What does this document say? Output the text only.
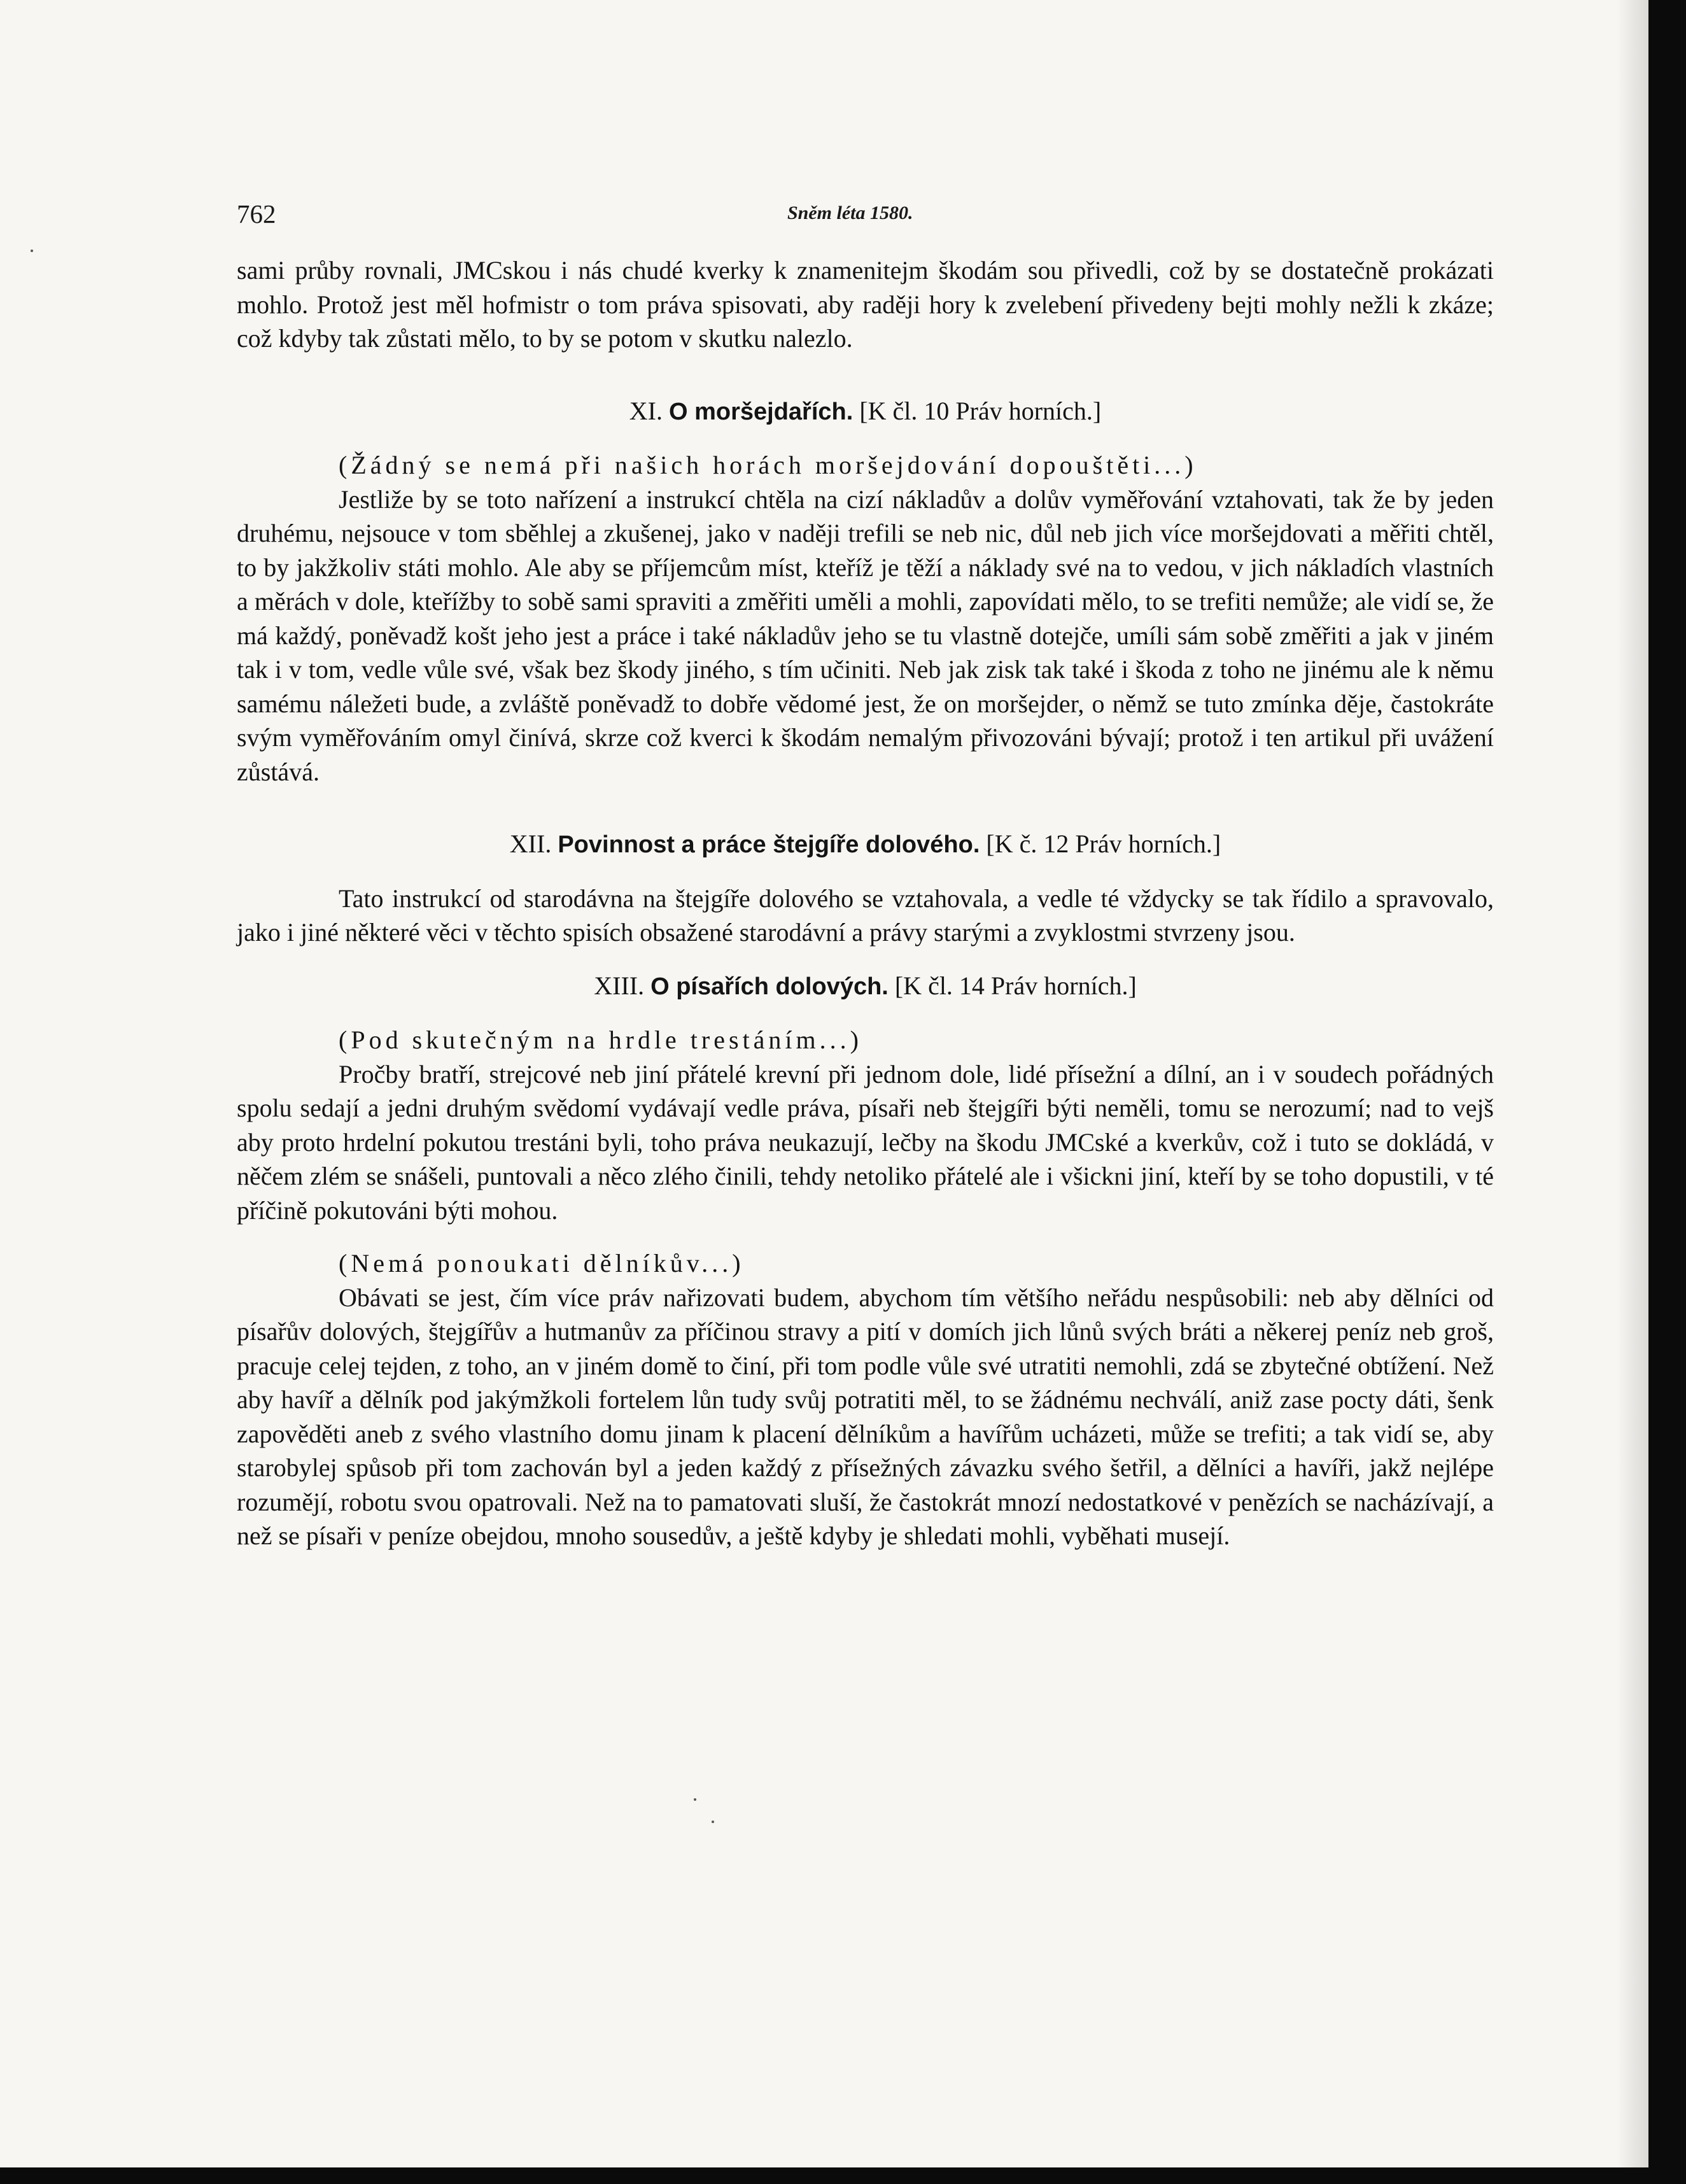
762	Sněm léta 1580.

sami průby rovnali, JMCskou i nás chudé kverky k znamenitejm škodám sou přivedli, což by se dostatečně prokázati mohlo. Protož jest měl hofmistr o tom práva spisovati, aby raději hory k zvelebení přivedeny bejti mohly nežli k zkáze; což kdyby tak zůstati mělo, to by se potom v skutku nalezlo.

XI. O moršejdařích. [K čl. 10 Práv horních.]

(Žádný se nemá při našich horách moršejdování dopouštěti...)

Jestliže by se toto nařízení a instrukcí chtěla na cizí nákladův a dolův vyměřování vztahovati, tak že by jeden druhému, nejsouce v tom sběhlej a zkušenej, jako v naději trefili se neb nic, důl neb jich více moršejdovati a měřiti chtěl, to by jakžkoliv státi mohlo. Ale aby se příjemcům míst, kteříž je těží a náklady své na to vedou, v jich nákladích vlastních a měrách v dole, kteřížby to sobě sami spraviti a změřiti uměli a mohli, zapovídati mělo, to se trefiti nemůže; ale vidí se, že má každý, poněvadž košt jeho jest a práce i také nákladův jeho se tu vlastně dotejče, umíli sám sobě změřiti a jak v jiném tak i v tom, vedle vůle své, však bez škody jiného, s tím učiniti. Neb jak zisk tak také i škoda z toho ne jinému ale k němu samému náležeti bude, a zvláště poněvadž to dobře vědomé jest, že on moršejder, o němž se tuto zmínka děje, častokráte svým vyměřováním omyl činívá, skrze což kverci k škodám nemalým přivozováni bývají; protož i ten artikul při uvážení zůstává.

XII. Povinnost a práce štejgíře dolového. [K č. 12 Práv horních.]

Tato instrukcí od starodávna na štejgíře dolového se vztahovala, a vedle té vždycky se tak řídilo a spravovalo, jako i jiné některé věci v těchto spisích obsažené starodávní a právy starými a zvyklostmi stvrzeny jsou.

XIII. O písařích dolových. [K čl. 14 Práv horních.]

(Pod skutečným na hrdle trestáním...)

Pročby bratří, strejcové neb jiní přátelé krevní při jednom dole, lidé přísežní a dílní, an i v soudech pořádných spolu sedají a jedni druhým svědomí vydávají vedle práva, písaři neb štejgíři býti neměli, tomu se nerozumí; nad to vejš aby proto hrdelní pokutou trestáni byli, toho práva neukazují, lečby na škodu JMCské a kverkův, což i tuto se dokládá, v něčem zlém se snášeli, puntovali a něco zlého činili, tehdy netoliko přátelé ale i všickni jiní, kteří by se toho dopustili, v té příčině pokutováni býti mohou.

(Nemá ponoukati dělníkův...)

Obávati se jest, čím více práv nařizovati budem, abychom tím většího neřádu nespůsobili: neb aby dělníci od písařův dolových, štejgířův a hutmanův za příčinou stravy a pití v domích jich lůnů svých bráti a někerej peníz neb groš, pracuje celej tejden, z toho, an v jiném domě to činí, při tom podle vůle své utratiti nemohli, zdá se zbytečné obtížení. Než aby havíř a dělník pod jakýmžkoli fortelem lůn tudy svůj potratiti měl, to se žádnému nechválí, aniž zase pocty dáti, šenk zapověděti aneb z svého vlastního domu jinam k placení dělníkům a havířům ucházeti, může se trefiti; a tak vidí se, aby starobylej spůsob při tom zachován byl a jeden každý z přísežných závazku svého šetřil, a dělníci a havíři, jakž nejlépe rozumějí, robotu svou opatrovali. Než na to pamatovati sluší, že častokrát mnozí nedostatkové v penězích se nacházívají, a než se písaři v peníze obejdou, mnoho sousedův, a ještě kdyby je shledati mohli, vyběhati musejí.
